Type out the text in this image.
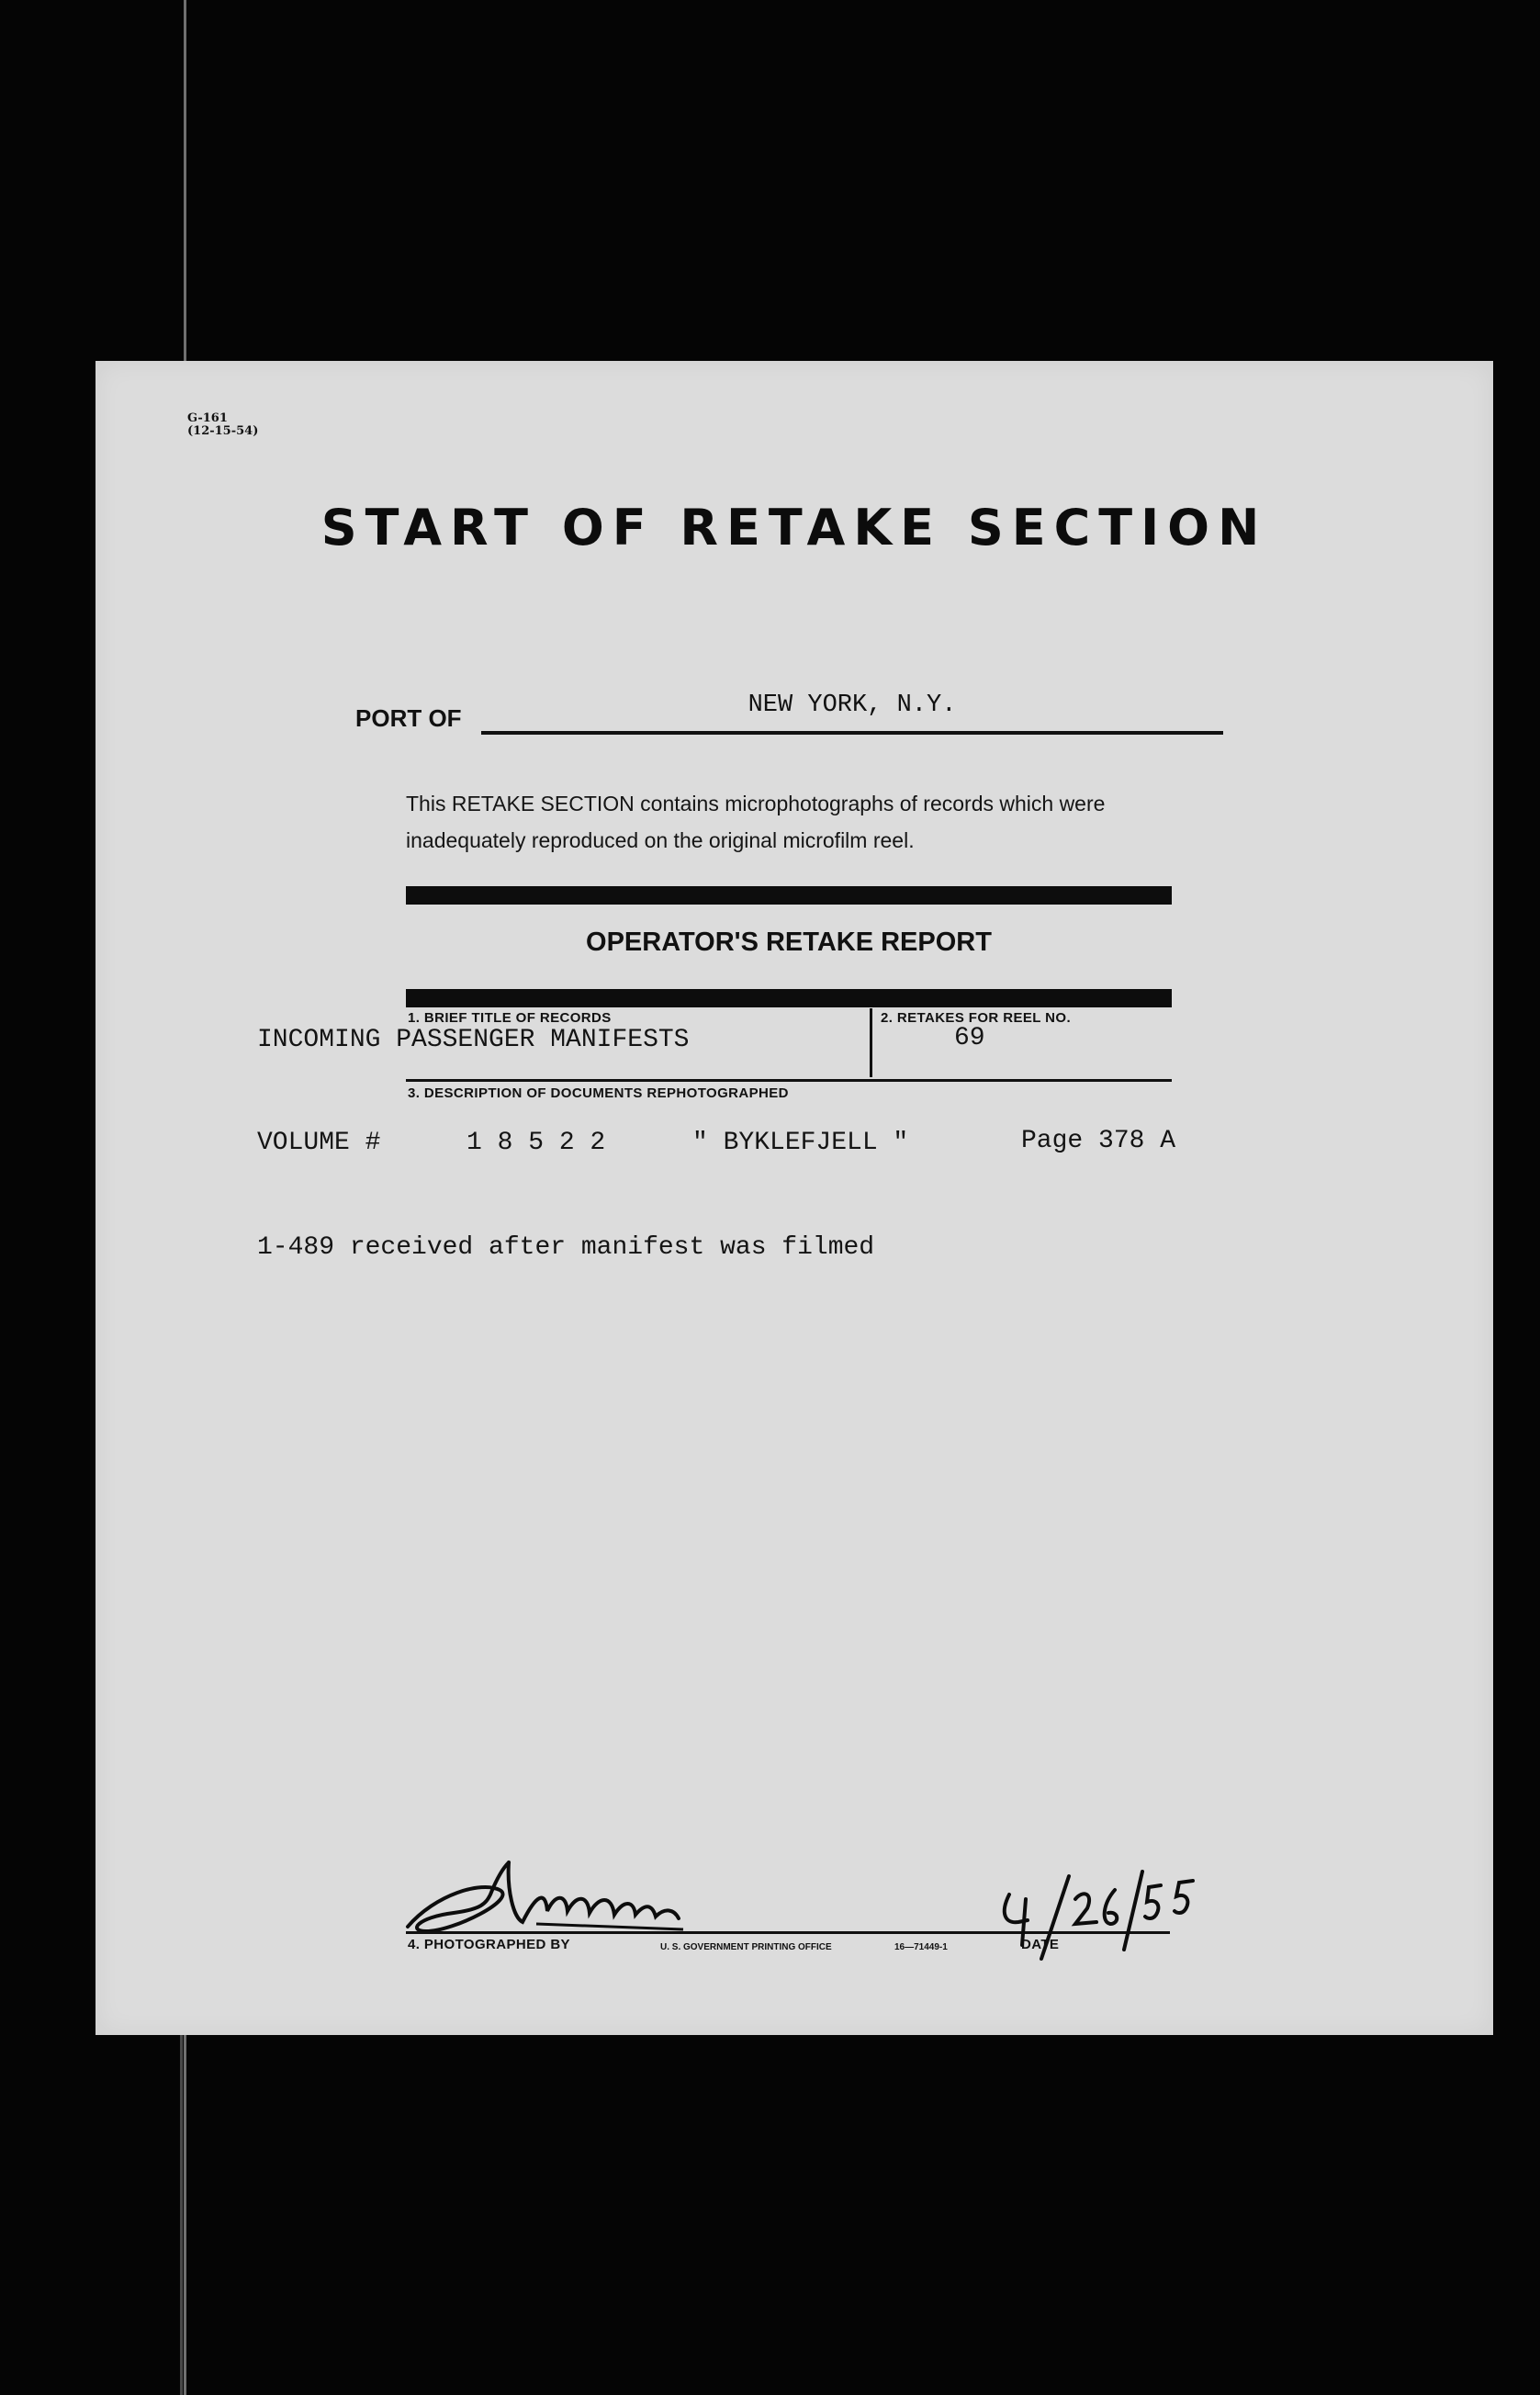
G-161
(12-15-54)
START OF RETAKE SECTION
PORT OF	NEW YORK, N.Y.
This RETAKE SECTION contains microphotographs of records which were inadequately reproduced on the original microfilm reel.
OPERATOR'S RETAKE REPORT
1. BRIEF TITLE OF RECORDS
INCOMING PASSENGER MANIFESTS
2. RETAKES FOR REEL NO.
69
3. DESCRIPTION OF DOCUMENTS REPHOTOGRAPHED
VOLUME #	1 8 5 2 2	" BYKLEFJELL "	Page 378 A
1-489 received after manifest was filmed
4. PHOTOGRAPHED BY	U. S. GOVERNMENT PRINTING OFFICE	16—71449-1	DATE
